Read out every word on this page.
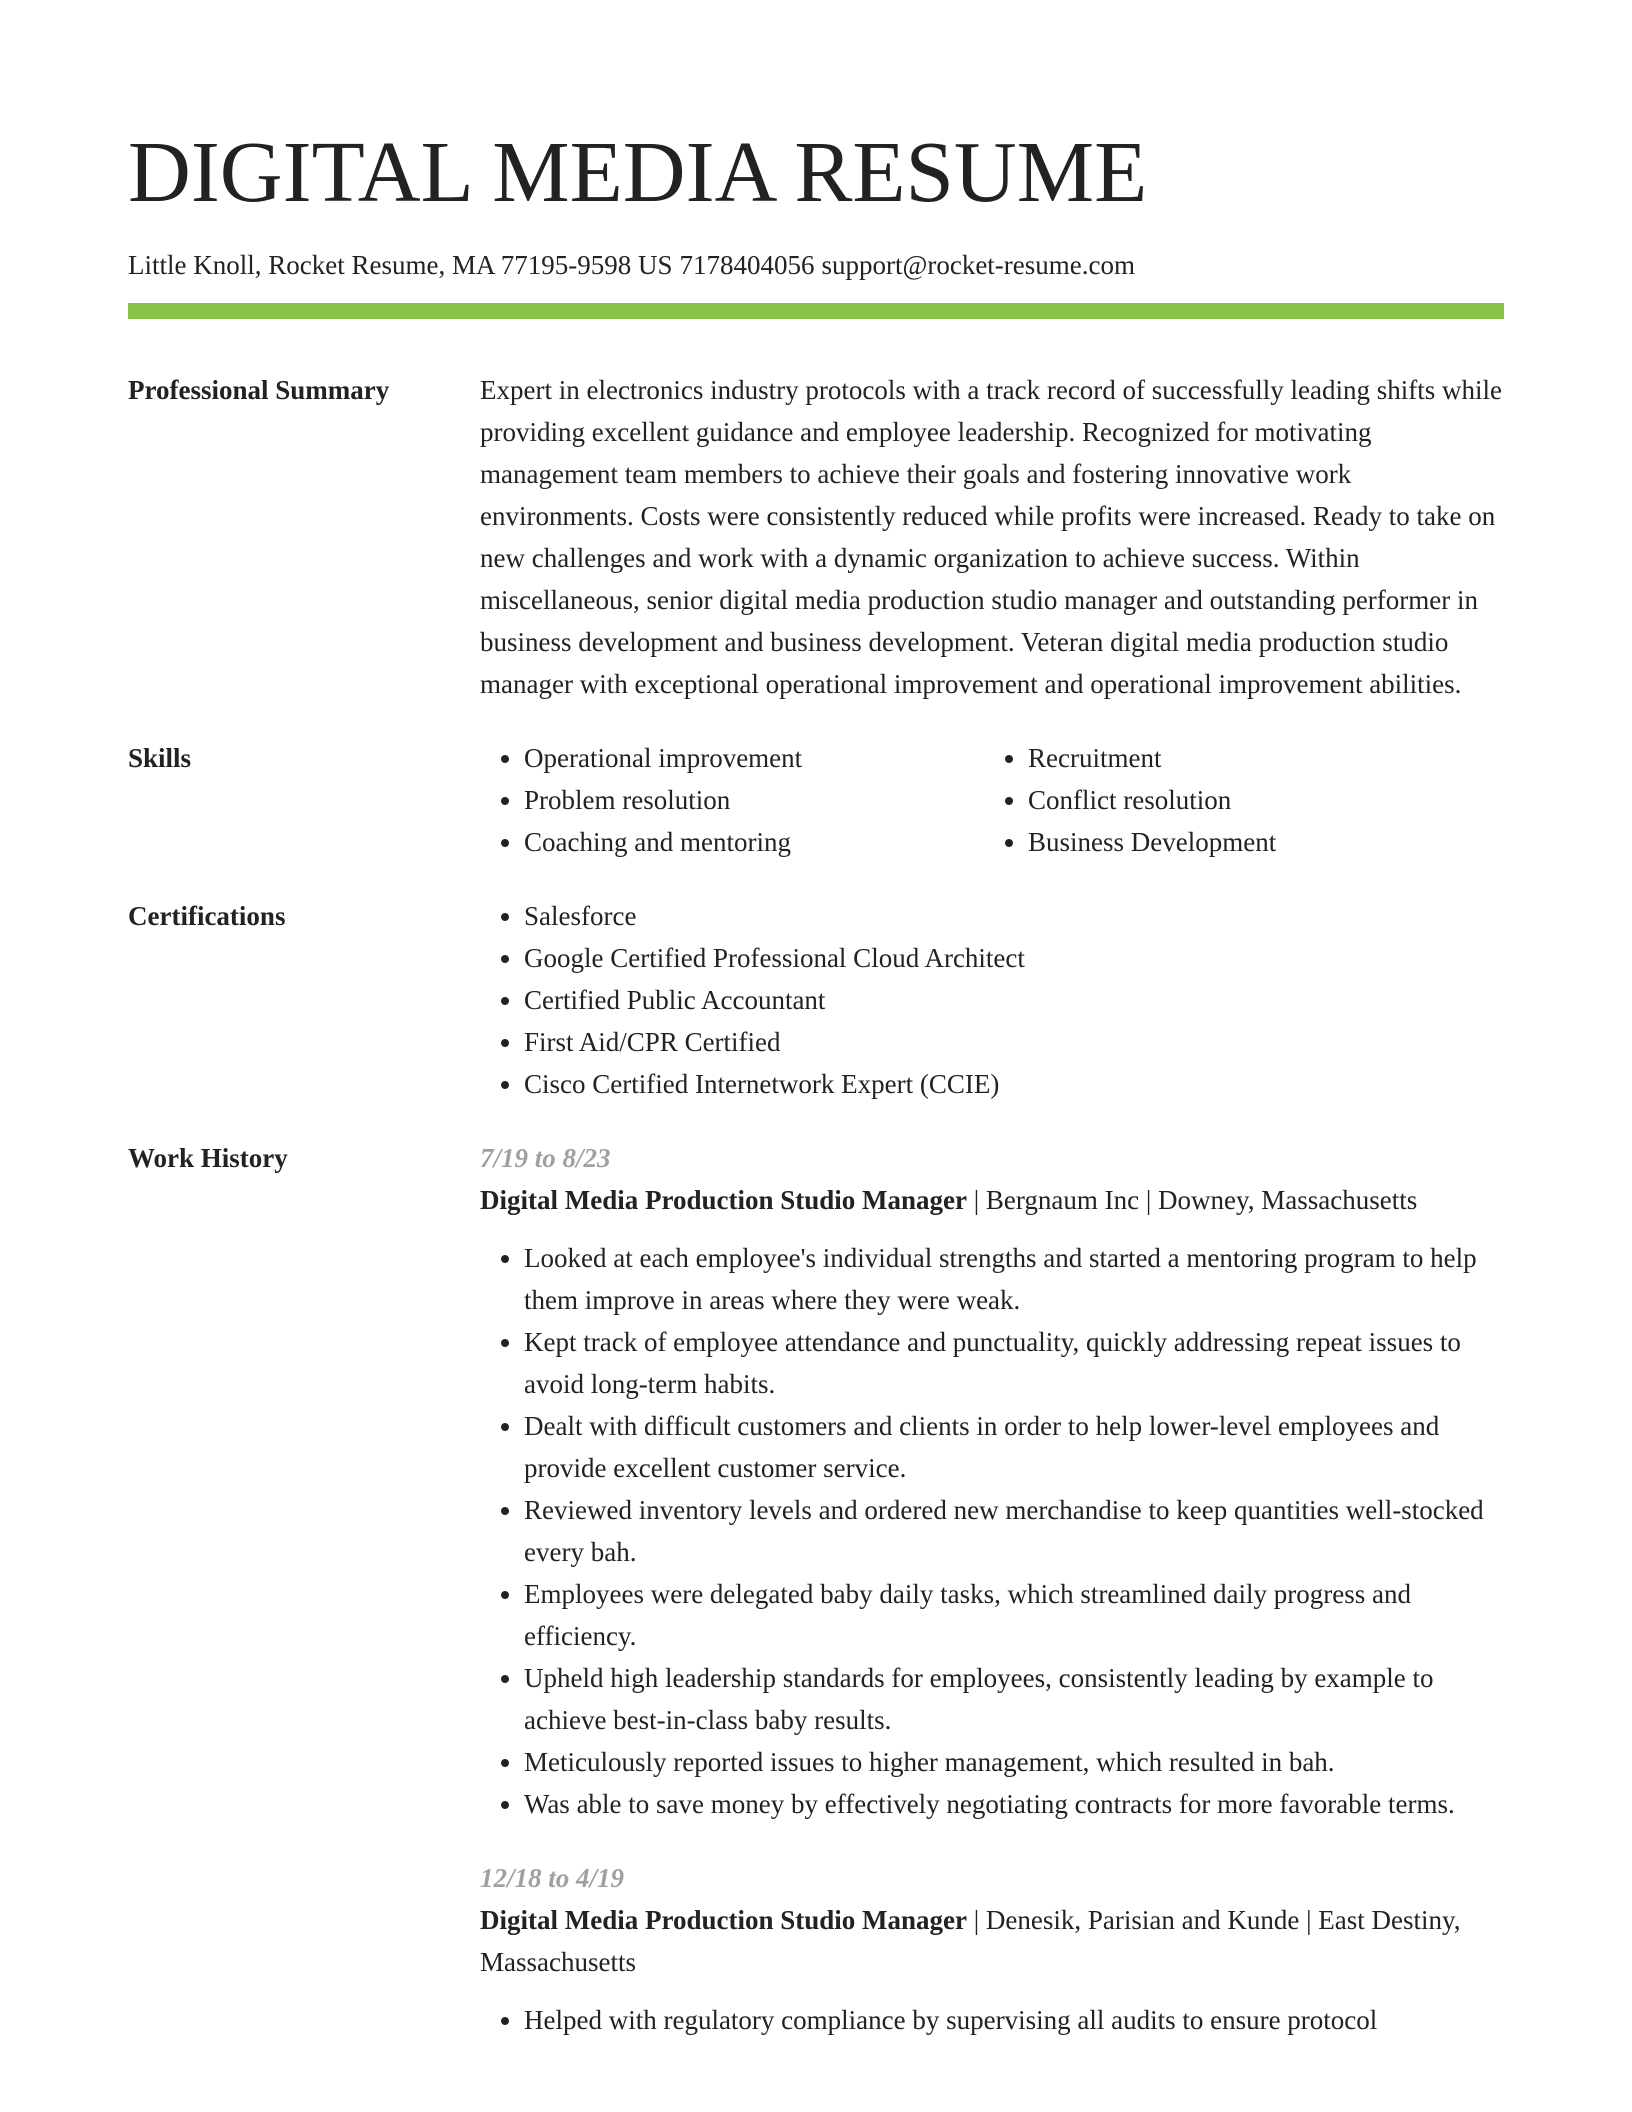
DIGITAL MEDIA RESUME
Little Knoll, Rocket Resume, MA 77195-9598 US 7178404056 support@rocket-resume.com
Professional Summary	Expert in electronics industry protocols with a track record of successfully leading shifts while providing excellent guidance and employee leadership. Recognized for motivating management team members to achieve their goals and fostering innovative work environments. Costs were consistently reduced while profits were increased. Ready to take on new challenges and work with a dynamic organization to achieve success. Within miscellaneous, senior digital media production studio manager and outstanding performer in business development and business development. Veteran digital media production studio manager with exceptional operational improvement and operational improvement abilities.

Skills	• Operational improvement
• Problem resolution
• Coaching and mentoring
• Recruitment
• Conflict resolution
• Business Development
Certifications	• Salesforce
• Google Certified Professional Cloud Architect
• Certified Public Accountant
• First Aid/CPR Certified
• Cisco Certified Internetwork Expert (CCIE)
Work History	7/19 to 8/23
Digital Media Production Studio Manager | Bergnaum Inc | Downey, Massachusetts
• Looked at each employee's individual strengths and started a mentoring program to help them improve in areas where they were weak.
• Kept track of employee attendance and punctuality, quickly addressing repeat issues to avoid long-term habits.
• Dealt with difficult customers and clients in order to help lower-level employees and provide excellent customer service.
• Reviewed inventory levels and ordered new merchandise to keep quantities well-stocked every bah.
• Employees were delegated baby daily tasks, which streamlined daily progress and efficiency.
• Upheld high leadership standards for employees, consistently leading by example to achieve best-in-class baby results.
• Meticulously reported issues to higher management, which resulted in bah.
• Was able to save money by effectively negotiating contracts for more favorable terms.
12/18 to 4/19
Digital Media Production Studio Manager | Denesik, Parisian and Kunde | East Destiny, Massachusetts
• Helped with regulatory compliance by supervising all audits to ensure protocol
